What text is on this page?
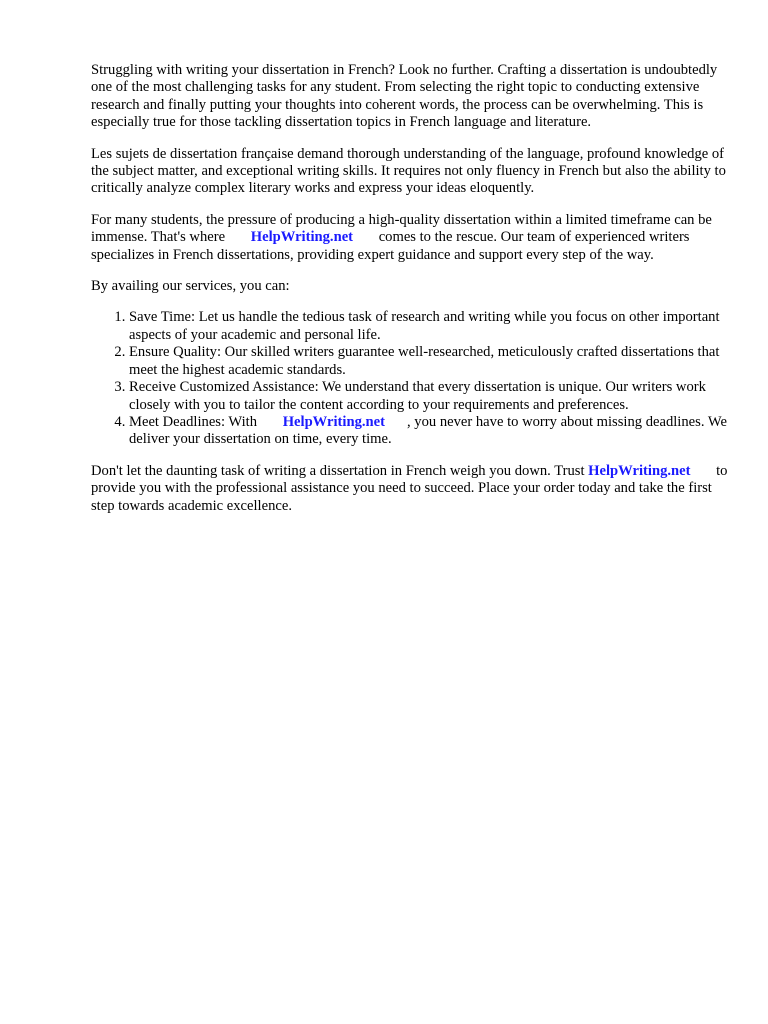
Struggling with writing your dissertation in French? Look no further. Crafting a dissertation is undoubtedly one of the most challenging tasks for any student. From selecting the right topic to conducting extensive research and finally putting your thoughts into coherent words, the process can be overwhelming. This is especially true for those tackling dissertation topics in French language and literature.

Les sujets de dissertation française demand thorough understanding of the language, profound knowledge of the subject matter, and exceptional writing skills. It requires not only fluency in French but also the ability to critically analyze complex literary works and express your ideas eloquently.

For many students, the pressure of producing a high-quality dissertation within a limited timeframe can be immense. That's where HelpWriting.net comes to the rescue. Our team of experienced writers specializes in French dissertations, providing expert guidance and support every step of the way.

By availing our services, you can:

1. Save Time: Let us handle the tedious task of research and writing while you focus on other important aspects of your academic and personal life.
2. Ensure Quality: Our skilled writers guarantee well-researched, meticulously crafted dissertations that meet the highest academic standards.
3. Receive Customized Assistance: We understand that every dissertation is unique. Our writers work closely with you to tailor the content according to your requirements and preferences.
4. Meet Deadlines: With HelpWriting.net , you never have to worry about missing deadlines. We deliver your dissertation on time, every time.

Don't let the daunting task of writing a dissertation in French weigh you down. Trust HelpWriting.net to provide you with the professional assistance you need to succeed. Place your order today and take the first step towards academic excellence.
